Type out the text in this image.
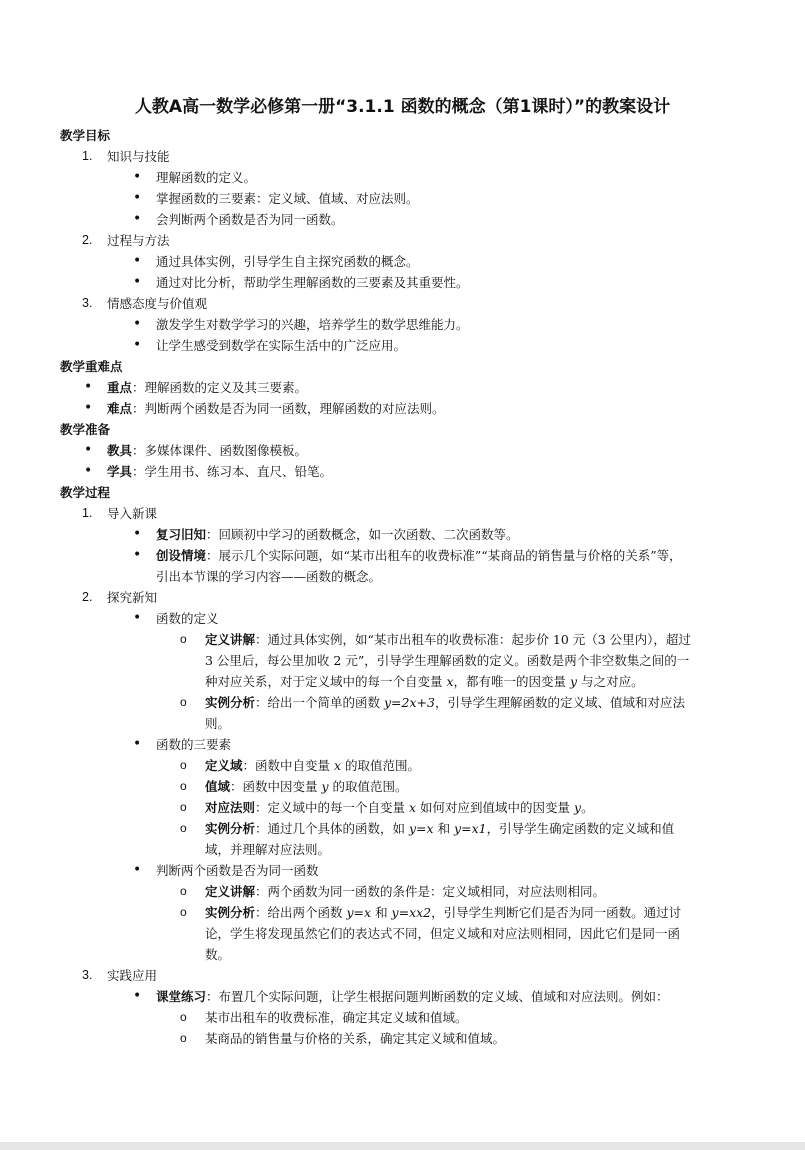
人教A高一数学必修第一册“3.1.1 函数的概念（第1课时）”的教案设计
教学目标
1. 知识与技能
• 理解函数的定义。
• 掌握函数的三要素：定义域、值域、对应法则。
• 会判断两个函数是否为同一函数。
2. 过程与方法
• 通过具体实例，引导学生自主探究函数的概念。
• 通过对比分析，帮助学生理解函数的三要素及其重要性。
3. 情感态度与价值观
• 激发学生对数学学习的兴趣，培养学生的数学思维能力。
• 让学生感受到数学在实际生活中的广泛应用。
教学重难点
• 重点：理解函数的定义及其三要素。
• 难点：判断两个函数是否为同一函数，理解函数的对应法则。
教学准备
• 教具：多媒体课件、函数图像模板。
• 学具：学生用书、练习本、直尺、铅笔。
教学过程
1. 导入新课
• 复习旧知：回顾初中学习的函数概念，如一次函数、二次函数等。
• 创设情境：展示几个实际问题，如“某市出租车的收费标准”“某商品的销售量与价格的关系”等，
引出本节课的学习内容——函数的概念。
2. 探究新知
• 函数的定义
o 定义讲解：通过具体实例，如“某市出租车的收费标准：起步价 10 元（3 公里内），超过
3 公里后，每公里加收 2 元”，引导学生理解函数的定义。函数是两个非空数集之间的一
种对应关系，对于定义域中的每一个自变量 x，都有唯一的因变量 y 与之对应。
o 实例分析：给出一个简单的函数 y=2x+3，引导学生理解函数的定义域、值域和对应法
则。
• 函数的三要素
o 定义域：函数中自变量 x 的取值范围。
o 值域：函数中因变量 y 的取值范围。
o 对应法则：定义域中的每一个自变量 x 如何对应到值域中的因变量 y。
o 实例分析：通过几个具体的函数，如 y=x 和 y=x1，引导学生确定函数的定义域和值
域，并理解对应法则。
• 判断两个函数是否为同一函数
o 定义讲解：两个函数为同一函数的条件是：定义域相同，对应法则相同。
o 实例分析：给出两个函数 y=x 和 y=xx2，引导学生判断它们是否为同一函数。通过讨
论，学生将发现虽然它们的表达式不同，但定义域和对应法则相同，因此它们是同一函
数。
3. 实践应用
• 课堂练习：布置几个实际问题，让学生根据问题判断函数的定义域、值域和对应法则。例如：
o 某市出租车的收费标准，确定其定义域和值域。
o 某商品的销售量与价格的关系，确定其定义域和值域。
